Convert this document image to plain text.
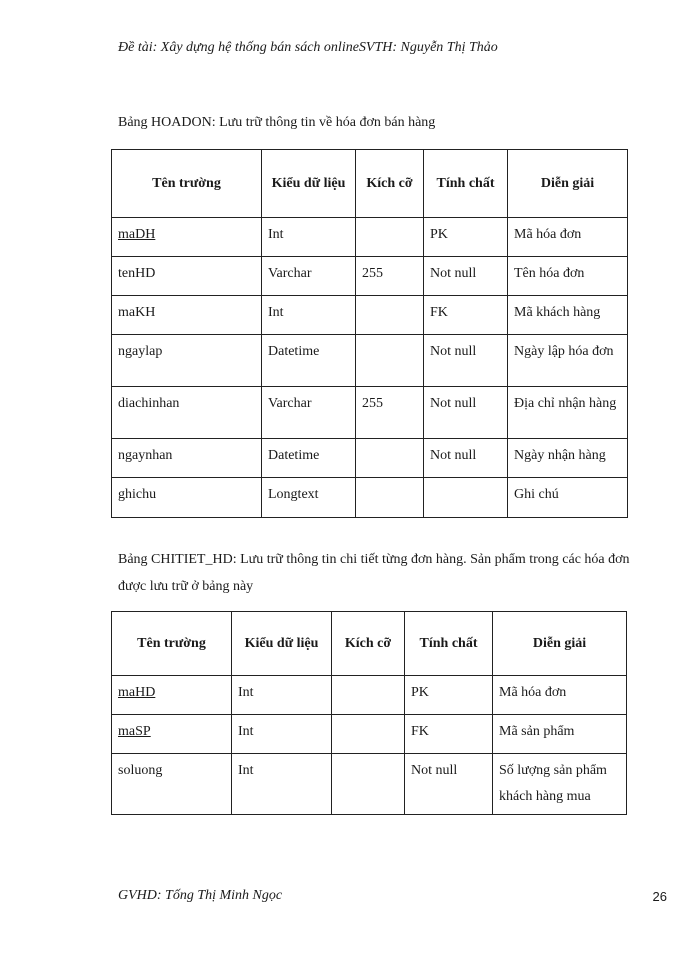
Đề tài: Xây dựng hệ thống bán sách onlineSVTH: Nguyễn Thị Thảo
Bảng HOADON: Lưu trữ thông tin về hóa đơn bán hàng
Tên trường	Kiểu dữ liệu	Kích cỡ	Tính chất	Diễn giải
maDH	Int		PK	Mã hóa đơn
tenHD	Varchar	255	Not null	Tên hóa đơn
maKH	Int		FK	Mã khách hàng
ngaylap	Datetime		Not null	Ngày lập hóa đơn
diachinhan	Varchar	255	Not null	Địa chỉ nhận hàng
ngaynhan	Datetime		Not null	Ngày nhận hàng
ghichu	Longtext			Ghi chú
Bảng CHITIET_HD: Lưu trữ thông tin chi tiết từng đơn hàng. Sản phẩm trong các hóa đơn được lưu trữ ở bảng này
Tên trường	Kiểu dữ liệu	Kích cỡ	Tính chất	Diễn giải
maHD	Int		PK	Mã hóa đơn
maSP	Int		FK	Mã sản phẩm
soluong	Int		Not null	Số lượng sản phẩm khách hàng mua
GVHD: Tống Thị Minh Ngọc	26
